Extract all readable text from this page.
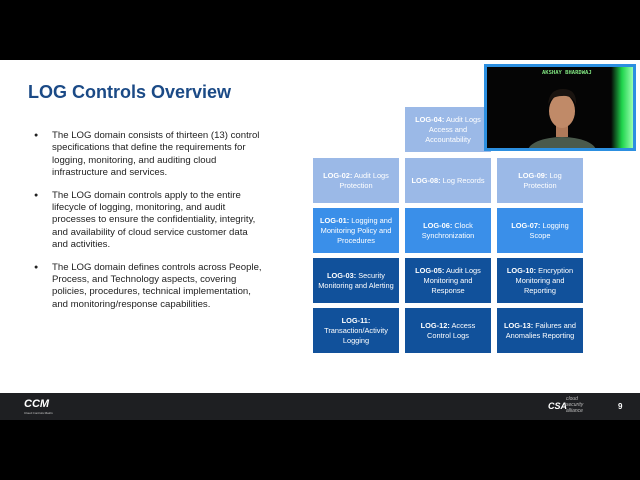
LOG Controls Overview
● The LOG domain consists of thirteen (13) control specifications that define the requirements for logging, monitoring, and auditing cloud infrastructure and services.
● The LOG domain controls apply to the entire lifecycle of logging, monitoring, and audit processes to ensure the confidentiality, integrity, and availability of cloud service customer data and activities.
● The LOG domain defines controls across People, Process, and Technology aspects, covering policies, procedures, technical implementation, and monitoring/response capabilities.
LOG-04: Audit Logs Access and Accountability
LOG-02: Audit Logs Protection
LOG-08: Log Records
LOG-09: Log Protection
LOG-01: Logging and Monitoring Policy and Procedures
LOG-06: Clock Synchronization
LOG-07: Logging Scope
LOG-03: Security Monitoring and Alerting
LOG-05: Audit Logs Monitoring and Response
LOG-10: Encryption Monitoring and Reporting
LOG-11: Transaction/Activity Logging
LOG-12: Access Control Logs
LOG-13: Failures and Anomalies Reporting
AKSHAY BHARDWAJ
CCM
Cloud Controls Matrix
CSA
cloud security alliance	9
